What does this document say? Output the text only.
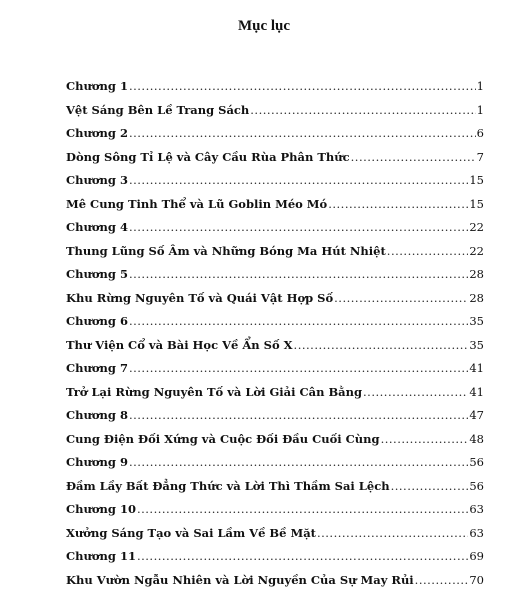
Mục lục
Chương 1 .....	1
Vệt Sáng Bên Lề Trang Sách .....	1
Chương 2 .....	6
Dòng Sông Tỉ Lệ và Cây Cầu Rùa Phân Thức .....	7
Chương 3 .....	15
Mê Cung Tinh Thể và Lũ Goblin Méo Mó .....	15
Chương 4 .....	22
Thung Lũng Số Âm và Những Bóng Ma Hút Nhiệt .....	22
Chương 5 .....	28
Khu Rừng Nguyên Tố và Quái Vật Hợp Số .....	28
Chương 6 .....	35
Thư Viện Cổ và Bài Học Về Ẩn Số X .....	35
Chương 7 .....	41
Trở Lại Rừng Nguyên Tố và Lời Giải Cân Bằng .....	41
Chương 8 .....	47
Cung Điện Đối Xứng và Cuộc Đối Đầu Cuối Cùng .....	48
Chương 9 .....	56
Đầm Lầy Bất Đẳng Thức và Lời Thì Thầm Sai Lệch .....	56
Chương 10 .....	63
Xưởng Sáng Tạo và Sai Lầm Về Bề Mặt .....	63
Chương 11 .....	69
Khu Vườn Ngẫu Nhiên và Lời Nguyền Của Sự May Rủi .....	70
